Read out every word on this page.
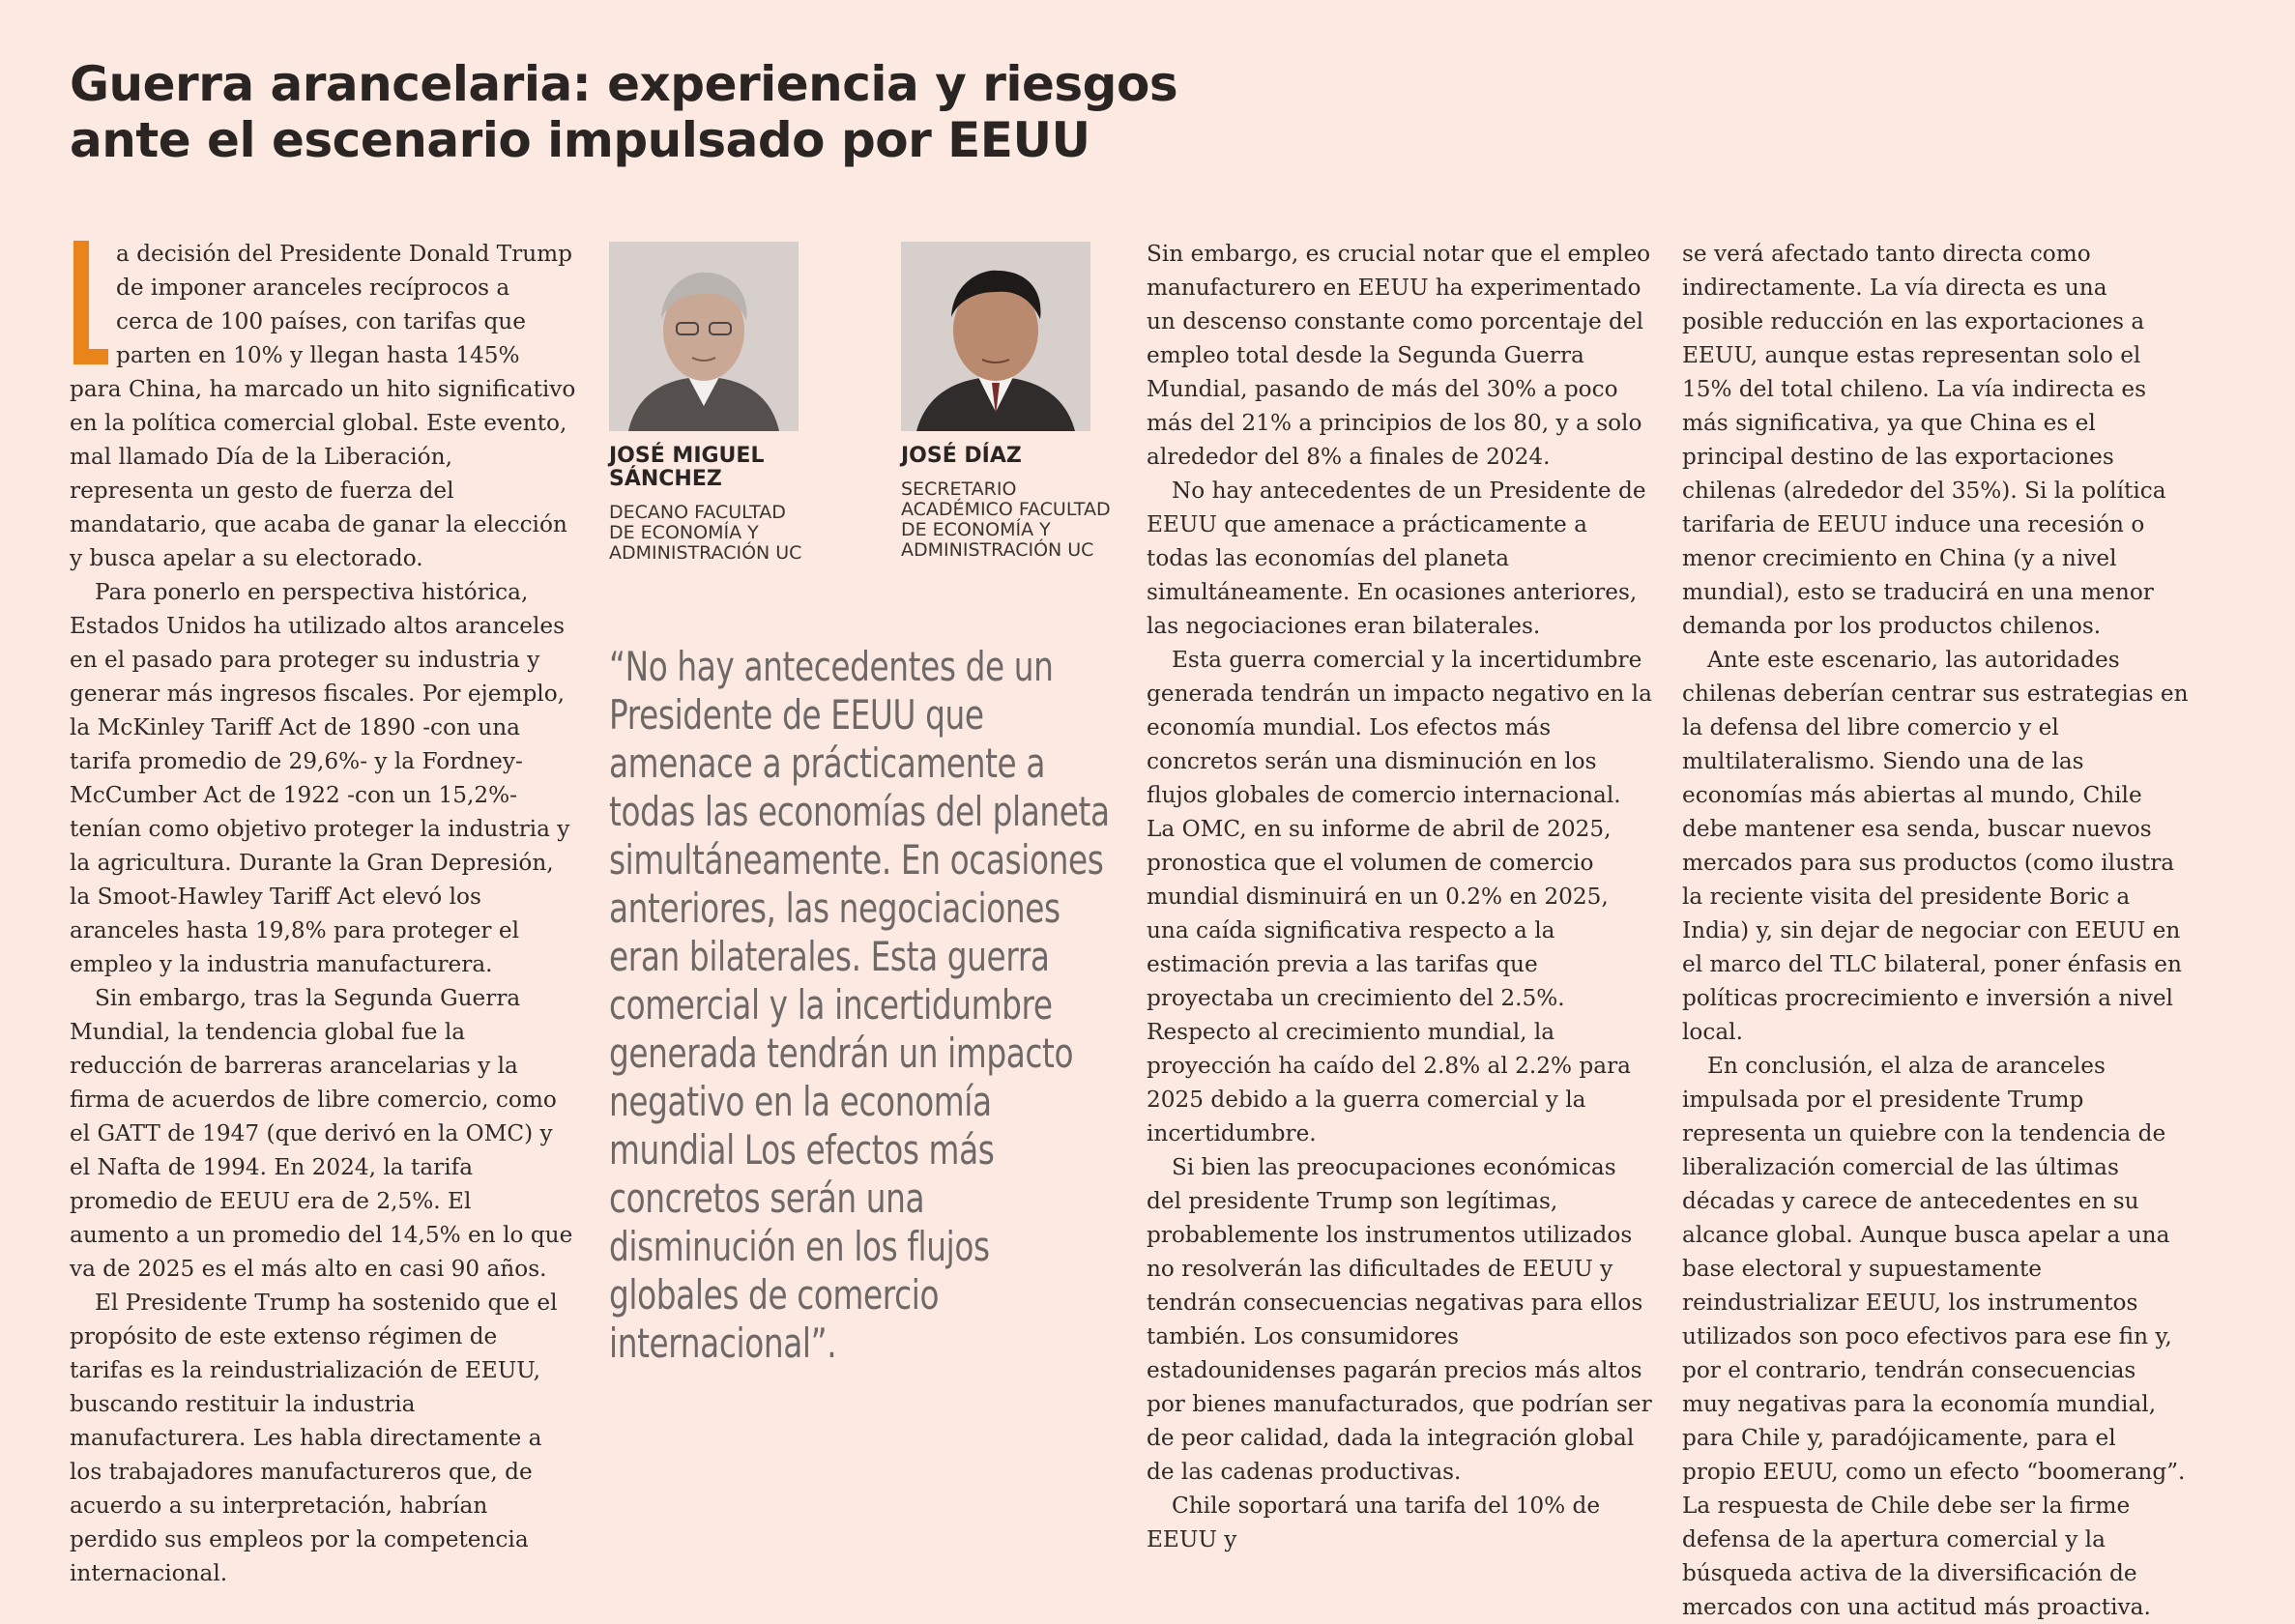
Guerra arancelaria: experiencia y riesgos
ante el escenario impulsado por EEUU

a decisión del Presidente Donald Trump de imponer aranceles recíprocos a cerca de 100 países, con tarifas que parten en 10% y llegan hasta 145% para China, ha marcado un hito significativo en la política comercial global. Este evento, mal llamado Día de la Liberación, representa un gesto de fuerza del mandatario, que acaba de ganar la elección y busca apelar a su electorado.

Para ponerlo en perspectiva histórica, Estados Unidos ha utilizado altos aranceles en el pasado para proteger su industria y generar más ingresos fiscales. Por ejemplo, la McKinley Tariff Act de 1890 -con una tarifa promedio de 29,6%- y la Fordney-McCumber Act de 1922 -con un 15,2%- tenían como objetivo proteger la industria y la agricultura. Durante la Gran Depresión, la Smoot-Hawley Tariff Act elevó los aranceles hasta 19,8% para proteger el empleo y la industria manufacturera.

Sin embargo, tras la Segunda Guerra Mundial, la tendencia global fue la reducción de barreras arancelarias y la firma de acuerdos de libre comercio, como el GATT de 1947 (que derivó en la OMC) y el Nafta de 1994. En 2024, la tarifa promedio de EEUU era de 2,5%. El aumento a un promedio del 14,5% en lo que va de 2025 es el más alto en casi 90 años.

El Presidente Trump ha sostenido que el propósito de este extenso régimen de tarifas es la reindustrialización de EEUU, buscando restituir la industria manufacturera. Les habla directamente a los trabajadores manufactureros que, de acuerdo a su interpretación, habrían perdido sus empleos por la competencia internacional.

JOSÉ MIGUEL
SÁNCHEZ
DECANO FACULTAD
DE ECONOMÍA Y
ADMINISTRACIÓN UC
JOSÉ DÍAZ
SECRETARIO
ACADÉMICO FACULTAD
DE ECONOMÍA Y
ADMINISTRACIÓN UC
“No hay antecedentes de un Presidente de EEUU que amenace a prácticamente a todas las economías del planeta simultáneamente. En ocasiones anteriores, las negociaciones eran bilaterales. Esta guerra comercial y la incertidumbre generada tendrán un impacto negativo en la economía mundial Los efectos más concretos serán una disminución en los flujos globales de comercio internacional”.

Sin embargo, es crucial notar que el empleo manufacturero en EEUU ha experimentado un descenso constante como porcentaje del empleo total desde la Segunda Guerra Mundial, pasando de más del 30% a poco más del 21% a principios de los 80, y a solo alrededor del 8% a finales de 2024.

No hay antecedentes de un Presidente de EEUU que amenace a prácticamente a todas las economías del planeta simultáneamente. En ocasiones anteriores, las negociaciones eran bilaterales.

Esta guerra comercial y la incertidumbre generada tendrán un impacto negativo en la economía mundial. Los efectos más concretos serán una disminución en los flujos globales de comercio internacional. La OMC, en su informe de abril de 2025, pronostica que el volumen de comercio mundial disminuirá en un 0.2% en 2025, una caída significativa respecto a la estimación previa a las tarifas que proyectaba un crecimiento del 2.5%. Respecto al crecimiento mundial, la proyección ha caído del 2.8% al 2.2% para 2025 debido a la guerra comercial y la incertidumbre.

Si bien las preocupaciones económicas del presidente Trump son legítimas, probablemente los instrumentos utilizados no resolverán las dificultades de EEUU y tendrán consecuencias negativas para ellos también. Los consumidores estadounidenses pagarán precios más altos por bienes manufacturados, que podrían ser de peor calidad, dada la integración global de las cadenas productivas.

Chile soportará una tarifa del 10% de EEUU y

se verá afectado tanto directa como indirectamente. La vía directa es una posible reducción en las exportaciones a EEUU, aunque estas representan solo el 15% del total chileno. La vía indirecta es más significativa, ya que China es el principal destino de las exportaciones chilenas (alrededor del 35%). Si la política tarifaria de EEUU induce una recesión o menor crecimiento en China (y a nivel mundial), esto se traducirá en una menor demanda por los productos chilenos.

Ante este escenario, las autoridades chilenas deberían centrar sus estrategias en la defensa del libre comercio y el multilateralismo. Siendo una de las economías más abiertas al mundo, Chile debe mantener esa senda, buscar nuevos mercados para sus productos (como ilustra la reciente visita del presidente Boric a India) y, sin dejar de negociar con EEUU en el marco del TLC bilateral, poner énfasis en políticas procrecimiento e inversión a nivel local.

En conclusión, el alza de aranceles impulsada por el presidente Trump representa un quiebre con la tendencia de liberalización comercial de las últimas décadas y carece de antecedentes en su alcance global. Aunque busca apelar a una base electoral y supuestamente reindustrializar EEUU, los instrumentos utilizados son poco efectivos para ese fin y, por el contrario, tendrán consecuencias muy negativas para la economía mundial, para Chile y, paradójicamente, para el propio EEUU, como un efecto “boomerang”. La respuesta de Chile debe ser la firme defensa de la apertura comercial y la búsqueda activa de la diversificación de mercados con una actitud más proactiva.
